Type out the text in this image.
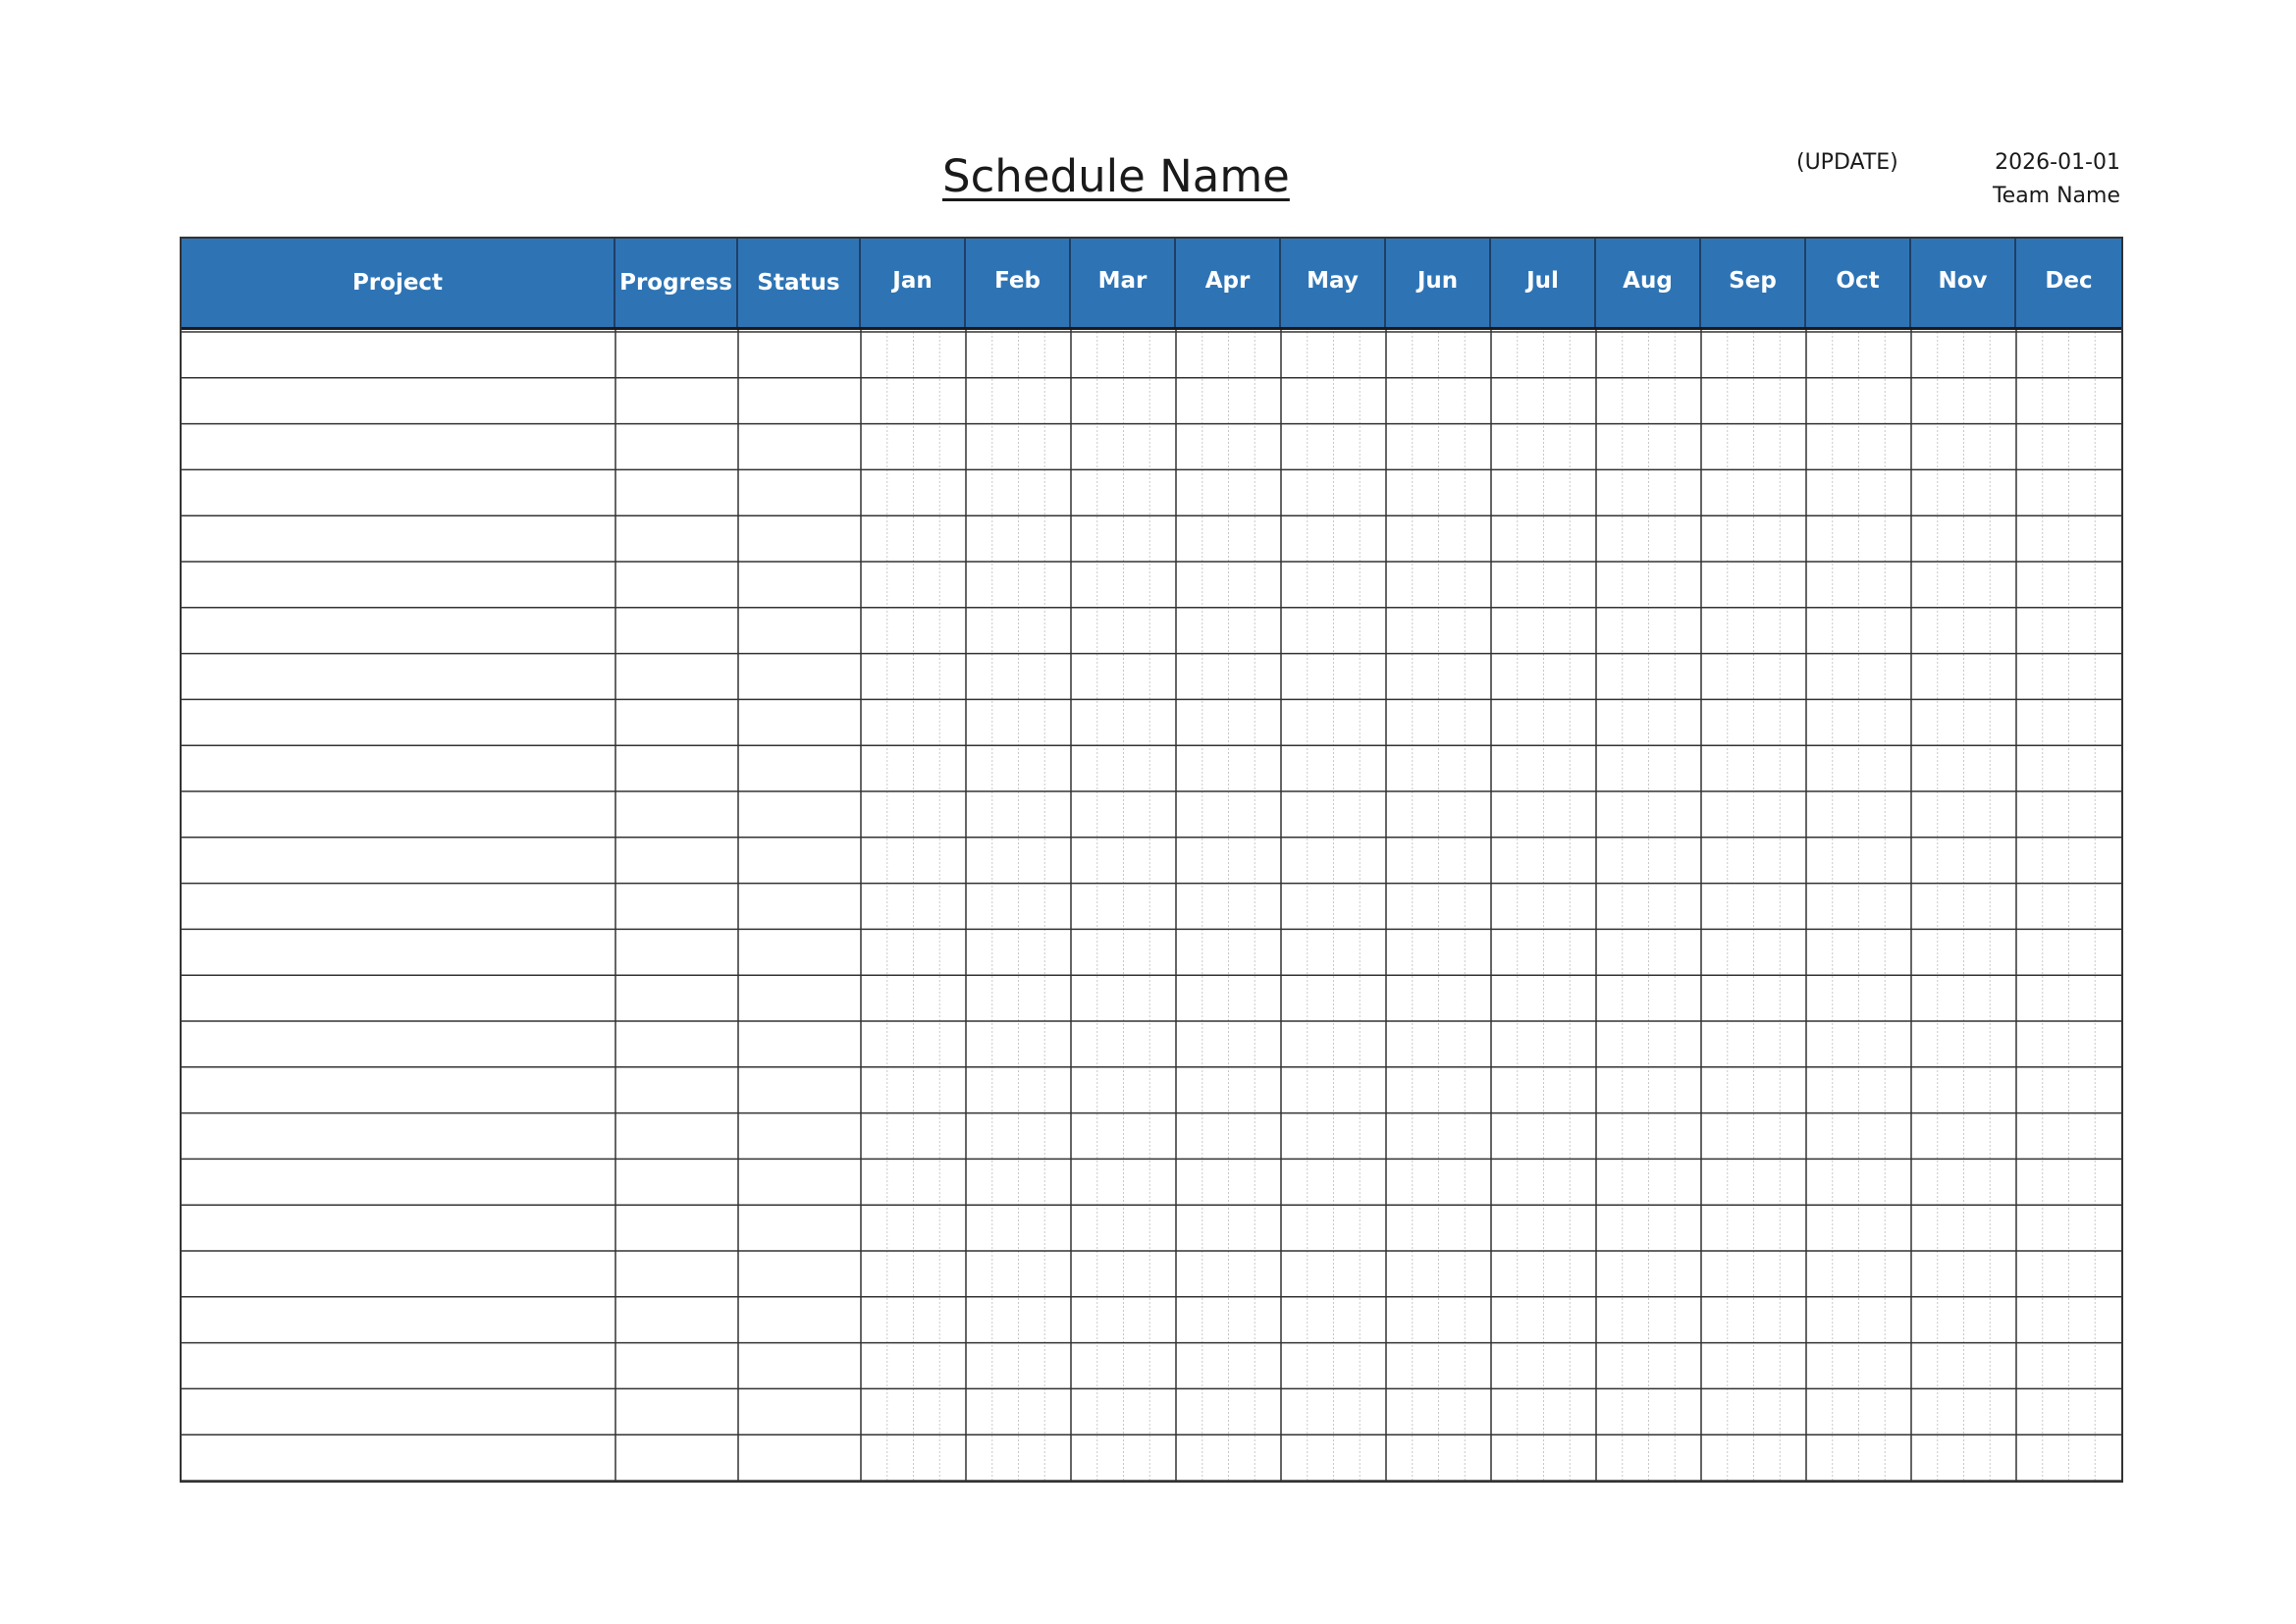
Schedule Name	(UPDATE)	2026-01-01
Team Name
Project	Progress	Status	Jan	Feb	Mar	Apr	May	Jun	Jul	Aug	Sep	Oct	Nov	Dec
